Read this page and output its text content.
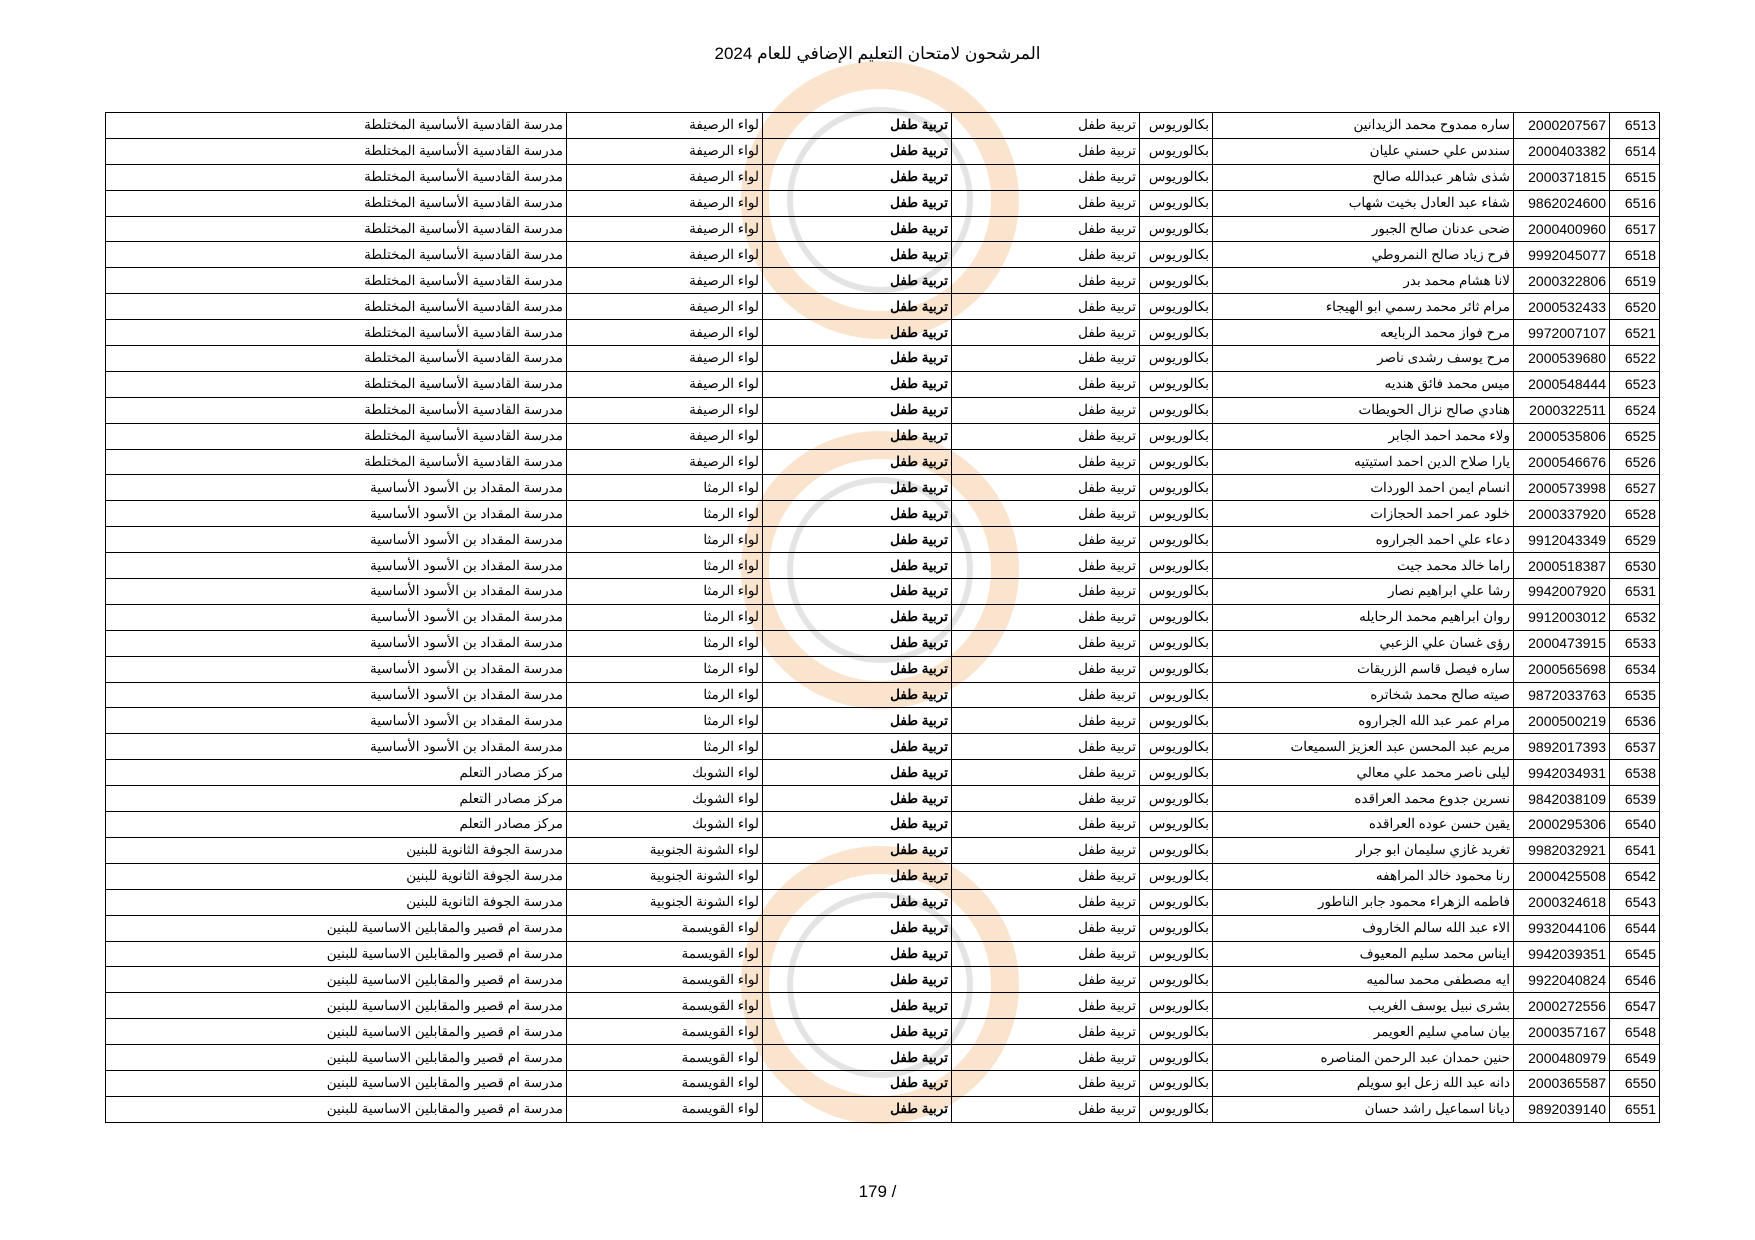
المرشحون لامتحان التعليم الإضافي للعام 2024
6513	2000207567	ساره ممدوح محمد الزيدانين	بكالوريوس	تربية طفل	تربية طفل	لواء الرصيفة	مدرسة القادسية الأساسية المختلطة
6514	2000403382	سندس علي حسني عليان	بكالوريوس	تربية طفل	تربية طفل	لواء الرصيفة	مدرسة القادسية الأساسية المختلطة
6515	2000371815	شذى شاهر عبدالله صالح	بكالوريوس	تربية طفل	تربية طفل	لواء الرصيفة	مدرسة القادسية الأساسية المختلطة
6516	9862024600	شفاء عبد العادل بخيت شهاب	بكالوريوس	تربية طفل	تربية طفل	لواء الرصيفة	مدرسة القادسية الأساسية المختلطة
6517	2000400960	ضحى عدنان صالح الجبور	بكالوريوس	تربية طفل	تربية طفل	لواء الرصيفة	مدرسة القادسية الأساسية المختلطة
6518	9992045077	فرح زياد صالح النمروطي	بكالوريوس	تربية طفل	تربية طفل	لواء الرصيفة	مدرسة القادسية الأساسية المختلطة
6519	2000322806	لانا هشام محمد بدر	بكالوريوس	تربية طفل	تربية طفل	لواء الرصيفة	مدرسة القادسية الأساسية المختلطة
6520	2000532433	مرام ثائر محمد رسمي ابو الهيجاء	بكالوريوس	تربية طفل	تربية طفل	لواء الرصيفة	مدرسة القادسية الأساسية المختلطة
6521	9972007107	مرح فواز محمد الربايعه	بكالوريوس	تربية طفل	تربية طفل	لواء الرصيفة	مدرسة القادسية الأساسية المختلطة
6522	2000539680	مرح يوسف رشدى ناصر	بكالوريوس	تربية طفل	تربية طفل	لواء الرصيفة	مدرسة القادسية الأساسية المختلطة
6523	2000548444	ميس محمد فائق هنديه	بكالوريوس	تربية طفل	تربية طفل	لواء الرصيفة	مدرسة القادسية الأساسية المختلطة
6524	2000322511	هنادي صالح نزال الحويطات	بكالوريوس	تربية طفل	تربية طفل	لواء الرصيفة	مدرسة القادسية الأساسية المختلطة
6525	2000535806	ولاء محمد احمد الجابر	بكالوريوس	تربية طفل	تربية طفل	لواء الرصيفة	مدرسة القادسية الأساسية المختلطة
6526	2000546676	يارا صلاح الدين احمد استيتيه	بكالوريوس	تربية طفل	تربية طفل	لواء الرصيفة	مدرسة القادسية الأساسية المختلطة
6527	2000573998	انسام ايمن احمد الوردات	بكالوريوس	تربية طفل	تربية طفل	لواء الرمثا	مدرسة المقداد بن الأسود الأساسية
6528	2000337920	خلود عمر احمد الحجازات	بكالوريوس	تربية طفل	تربية طفل	لواء الرمثا	مدرسة المقداد بن الأسود الأساسية
6529	9912043349	دعاء علي احمد الجراروه	بكالوريوس	تربية طفل	تربية طفل	لواء الرمثا	مدرسة المقداد بن الأسود الأساسية
6530	2000518387	راما خالد محمد جيت	بكالوريوس	تربية طفل	تربية طفل	لواء الرمثا	مدرسة المقداد بن الأسود الأساسية
6531	9942007920	رشا علي ابراهيم نصار	بكالوريوس	تربية طفل	تربية طفل	لواء الرمثا	مدرسة المقداد بن الأسود الأساسية
6532	9912003012	روان ابراهيم محمد الرحايله	بكالوريوس	تربية طفل	تربية طفل	لواء الرمثا	مدرسة المقداد بن الأسود الأساسية
6533	2000473915	رؤى غسان علي الزعبي	بكالوريوس	تربية طفل	تربية طفل	لواء الرمثا	مدرسة المقداد بن الأسود الأساسية
6534	2000565698	ساره فيصل قاسم الزريقات	بكالوريوس	تربية طفل	تربية طفل	لواء الرمثا	مدرسة المقداد بن الأسود الأساسية
6535	9872033763	صيته صالح محمد شخاتره	بكالوريوس	تربية طفل	تربية طفل	لواء الرمثا	مدرسة المقداد بن الأسود الأساسية
6536	2000500219	مرام عمر عبد الله الجراروه	بكالوريوس	تربية طفل	تربية طفل	لواء الرمثا	مدرسة المقداد بن الأسود الأساسية
6537	9892017393	مريم عبد المحسن عبد العزيز السميعات	بكالوريوس	تربية طفل	تربية طفل	لواء الرمثا	مدرسة المقداد بن الأسود الأساسية
6538	9942034931	ليلى ناصر محمد علي معالي	بكالوريوس	تربية طفل	تربية طفل	لواء الشوبك	مركز مصادر التعلم
6539	9842038109	نسرين جدوع محمد العراقده	بكالوريوس	تربية طفل	تربية طفل	لواء الشوبك	مركز مصادر التعلم
6540	2000295306	يقين حسن عوده العراقده	بكالوريوس	تربية طفل	تربية طفل	لواء الشوبك	مركز مصادر التعلم
6541	9982032921	تغريد غازي سليمان ابو جرار	بكالوريوس	تربية طفل	تربية طفل	لواء الشونة الجنوبية	مدرسة الجوفة الثانوية للبنين
6542	2000425508	رنا محمود خالد المراهفه	بكالوريوس	تربية طفل	تربية طفل	لواء الشونة الجنوبية	مدرسة الجوفة الثانوية للبنين
6543	2000324618	فاطمه الزهراء محمود جابر الناطور	بكالوريوس	تربية طفل	تربية طفل	لواء الشونة الجنوبية	مدرسة الجوفة الثانوية للبنين
6544	9932044106	الاء عبد الله سالم الخاروف	بكالوريوس	تربية طفل	تربية طفل	لواء القويسمة	مدرسة ام قصير والمقابلين الاساسية للبنين
6545	9942039351	ايناس محمد سليم المعيوف	بكالوريوس	تربية طفل	تربية طفل	لواء القويسمة	مدرسة ام قصير والمقابلين الاساسية للبنين
6546	9922040824	ايه مصطفى محمد سالميه	بكالوريوس	تربية طفل	تربية طفل	لواء القويسمة	مدرسة ام قصير والمقابلين الاساسية للبنين
6547	2000272556	بشرى نبيل يوسف الغريب	بكالوريوس	تربية طفل	تربية طفل	لواء القويسمة	مدرسة ام قصير والمقابلين الاساسية للبنين
6548	2000357167	بيان سامي سليم العويمر	بكالوريوس	تربية طفل	تربية طفل	لواء القويسمة	مدرسة ام قصير والمقابلين الاساسية للبنين
6549	2000480979	حنين حمدان عبد الرحمن المناصره	بكالوريوس	تربية طفل	تربية طفل	لواء القويسمة	مدرسة ام قصير والمقابلين الاساسية للبنين
6550	2000365587	دانه عبد الله زعل ابو سويلم	بكالوريوس	تربية طفل	تربية طفل	لواء القويسمة	مدرسة ام قصير والمقابلين الاساسية للبنين
6551	9892039140	ديانا اسماعيل راشد حسان	بكالوريوس	تربية طفل	تربية طفل	لواء القويسمة	مدرسة ام قصير والمقابلين الاساسية للبنين
179 /
